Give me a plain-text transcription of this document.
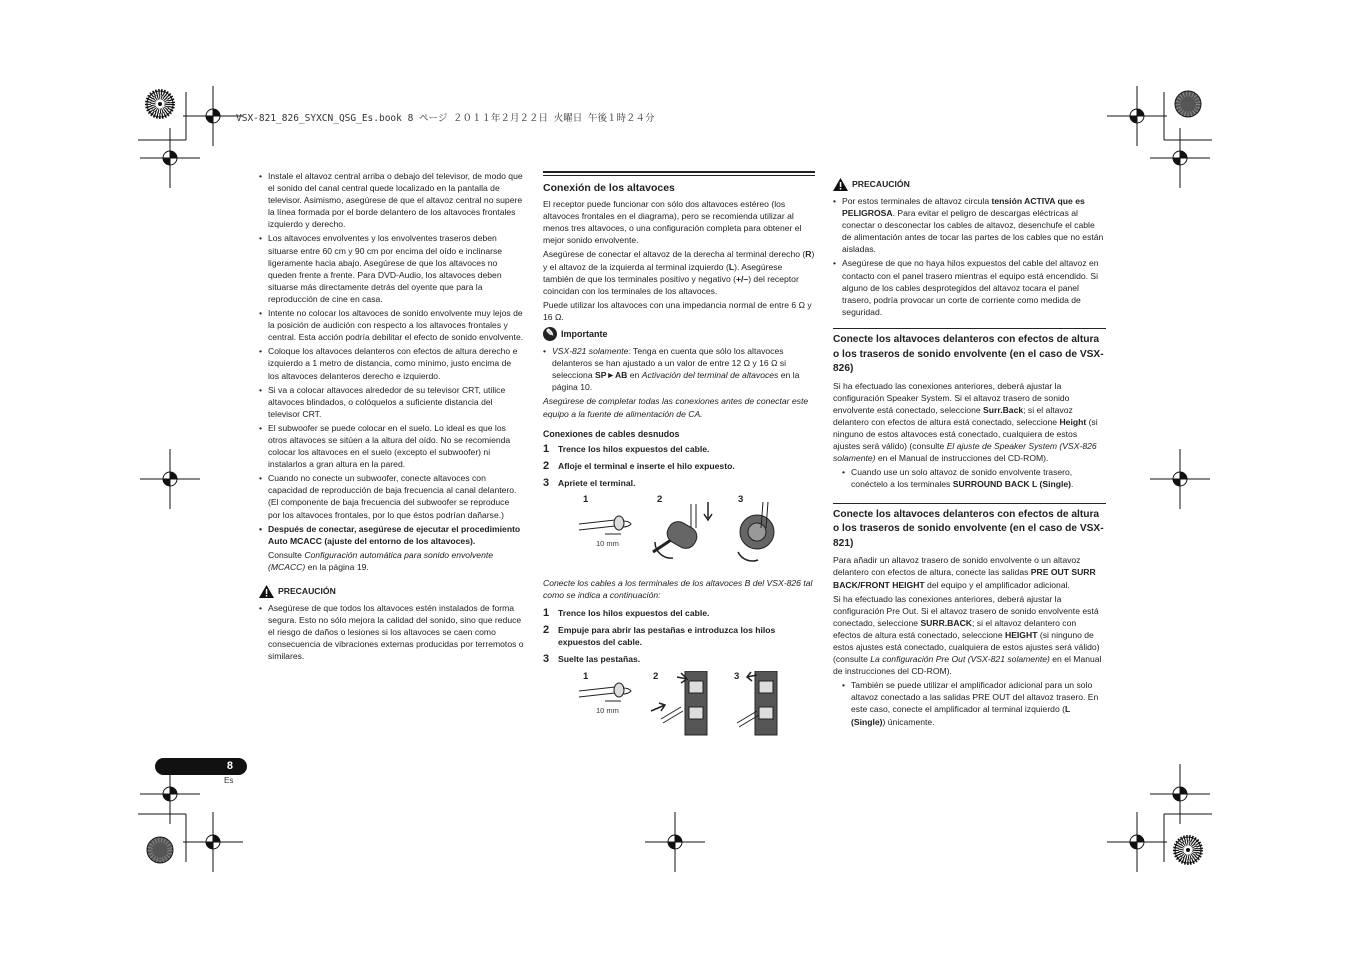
VSX-821_826_SYXCN_QSG_Es.book 8 ページ ２０１１年２月２２日 火曜日 午後１時２４分

• Instale el altavoz central arriba o debajo del televisor, de modo que el sonido del canal central quede localizado en la pantalla de televisor. Asimismo, asegúrese de que el altavoz central no supere la línea formada por el borde delantero de los altavoces frontales izquierdo y derecho.

• Los altavoces envolventes y los envolventes traseros deben situarse entre 60 cm y 90 cm por encima del oído e inclinarse ligeramente hacia abajo. Asegúrese de que los altavoces no queden frente a frente. Para DVD-Audio, los altavoces deben situarse más directamente detrás del oyente que para la reproducción de cine en casa.

• Intente no colocar los altavoces de sonido envolvente muy lejos de la posición de audición con respecto a los altavoces frontales y central. Esta acción podría debilitar el efecto de sonido envolvente.

• Coloque los altavoces delanteros con efectos de altura derecho e izquierdo a 1 metro de distancia, como mínimo, justo encima de los altavoces delanteros derecho e izquierdo.

• Si va a colocar altavoces alrededor de su televisor CRT, utilice altavoces blindados, o colóquelos a suficiente distancia del televisor CRT.

• El subwoofer se puede colocar en el suelo. Lo ideal es que los otros altavoces se sitúen a la altura del oído. No se recomienda colocar los altavoces en el suelo (excepto el subwoofer) ni instalarlos a gran altura en la pared.

• Cuando no conecte un subwoofer, conecte altavoces con capacidad de reproducción de baja frecuencia al canal delantero. (El componente de baja frecuencia del subwoofer se reproduce por los altavoces frontales, por lo que éstos podrían dañarse.)

• Después de conectar, asegúrese de ejecutar el procedimiento Auto MCACC (ajuste del entorno de los altavoces).

Consulte Configuración automática para sonido envolvente (MCACC) en la página 19.

PRECAUCIÓN

• Asegúrese de que todos los altavoces estén instalados de forma segura. Esto no sólo mejora la calidad del sonido, sino que reduce el riesgo de daños o lesiones si los altavoces se caen como consecuencia de vibraciones externas producidas por terremotos o similares.

Conexión de los altavoces

El receptor puede funcionar con sólo dos altavoces estéreo (los altavoces frontales en el diagrama), pero se recomienda utilizar al menos tres altavoces, o una configuración completa para obtener el mejor sonido envolvente.

Asegúrese de conectar el altavoz de la derecha al terminal derecho (R) y el altavoz de la izquierda al terminal izquierdo (L). Asegúrese también de que los terminales positivo y negativo (+/–) del receptor coincidan con los terminales de los altavoces.

Puede utilizar los altavoces con una impedancia normal de entre 6 Ω y 16 Ω.

✎ Importante

• VSX-821 solamente: Tenga en cuenta que sólo los altavoces delanteros se han ajustado a un valor de entre 12 Ω y 16 Ω si selecciona SP►AB en Activación del terminal de altavoces en la página 10.

Asegúrese de completar todas las conexiones antes de conectar este equipo a la fuente de alimentación de CA.

Conexiones de cables desnudos
1	Trence los hilos expuestos del cable.
2	Afloje el terminal e inserte el hilo expuesto.
3	Apriete el terminal.
1	2	3
10 mm

Conecte los cables a los terminales de los altavoces B del VSX-826 tal como se indica a continuación:

1	Trence los hilos expuestos del cable.
2	Empuje para abrir las pestañas e introduzca los hilos expuestos del cable.
3	Suelte las pestañas.
1	2	3
10 mm
PRECAUCIÓN

• Por estos terminales de altavoz circula tensión ACTIVA que es PELIGROSA. Para evitar el peligro de descargas eléctricas al conectar o desconectar los cables de altavoz, desenchufe el cable de alimentación antes de tocar las partes de los cables que no están aisladas.

• Asegúrese de que no haya hilos expuestos del cable del altavoz en contacto con el panel trasero mientras el equipo está encendido. Si alguno de los cables desprotegidos del altavoz tocara el panel trasero, podría provocar un corte de corriente como medida de seguridad.

Conecte los altavoces delanteros con efectos de altura o los traseros de sonido envolvente (en el caso de VSX-826)

Si ha efectuado las conexiones anteriores, deberá ajustar la configuración Speaker System. Si el altavoz trasero de sonido envolvente está conectado, seleccione Surr.Back; si el altavoz delantero con efectos de altura está conectado, seleccione Height (si ninguno de estos altavoces está conectado, cualquiera de estos ajustes será válido) (consulte El ajuste de Speaker System (VSX-826 solamente) en el Manual de instrucciones del CD-ROM).

• Cuando use un solo altavoz de sonido envolvente trasero, conéctelo a los terminales SURROUND BACK L (Single).

Conecte los altavoces delanteros con efectos de altura o los traseros de sonido envolvente (en el caso de VSX-821)

Para añadir un altavoz trasero de sonido envolvente o un altavoz delantero con efectos de altura, conecte las salidas PRE OUT SURR BACK/FRONT HEIGHT del equipo y el amplificador adicional.

Si ha efectuado las conexiones anteriores, deberá ajustar la configuración Pre Out. Si el altavoz trasero de sonido envolvente está conectado, seleccione SURR.BACK; si el altavoz delantero con efectos de altura está conectado, seleccione HEIGHT (si ninguno de estos ajustes está conectado, cualquiera de estos ajustes será válido) (consulte La configuración Pre Out (VSX-821 solamente) en el Manual de instrucciones del CD-ROM).

• También se puede utilizar el amplificador adicional para un solo altavoz conectado a las salidas PRE OUT del altavoz trasero. En este caso, conecte el amplificador al terminal izquierdo (L (Single)) únicamente.

8
Es
